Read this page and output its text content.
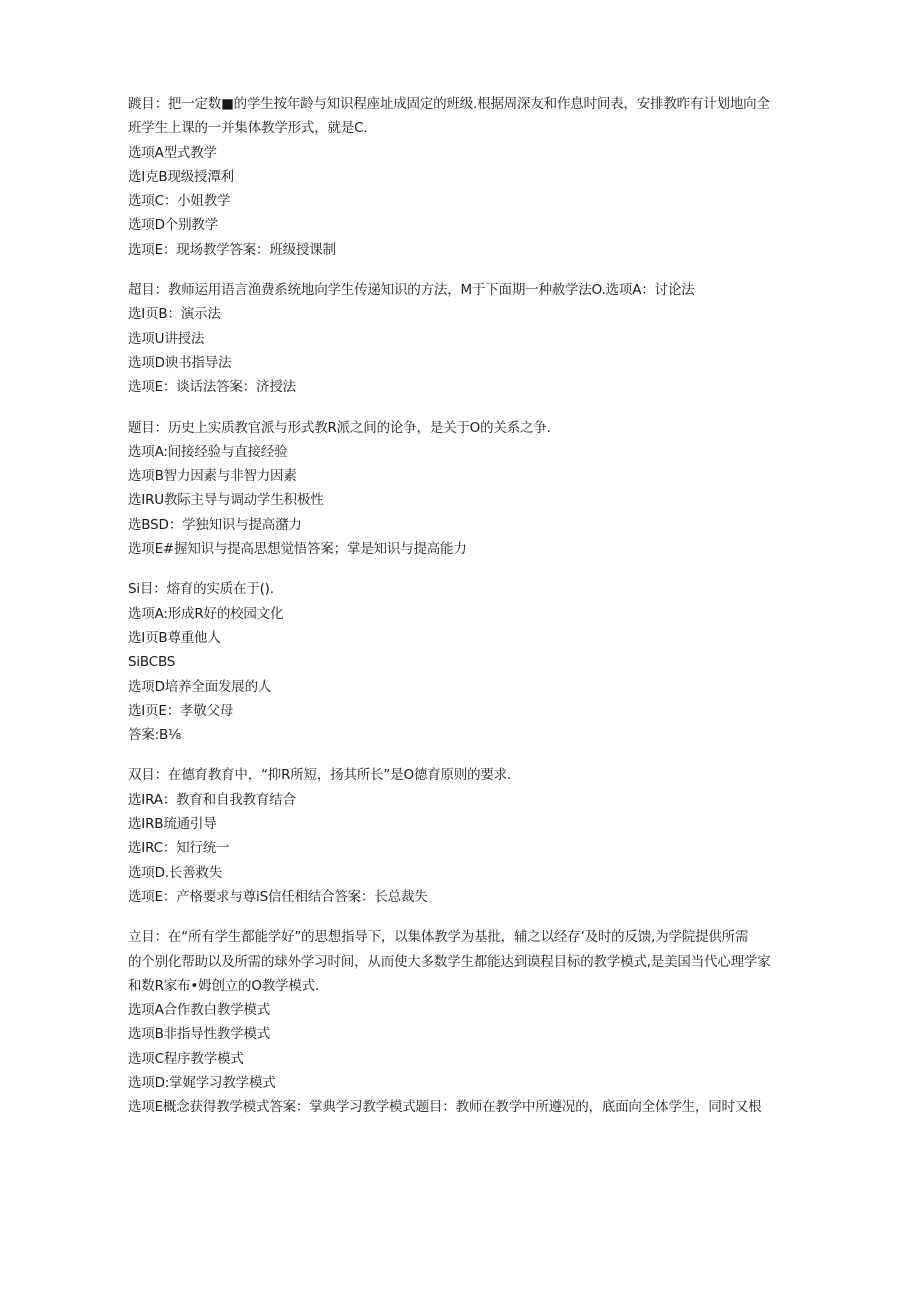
踱目：把一定数■的学生按年龄与知识程座址成固定的班级.根据周深友和作息时间表，安排教昨有计划地向全
班学生上课的一并集体教学形式，就是C.
选项A型式教学
选I克B现级授潭利
选项C：小姐教学
选项D个别教学
选项E：现场教学答案：班级授课制
超目：教师运用语言渔费系统地向学生传递知识的方法，M于下面期一种赦学法O.选项A：讨论法
选I页B：演示法
选项U讲授法
选项D谀书指导法
选项E：谈话法答案：济授法
题目：历史上实质教官派与形式教R派之间的论争，是关于O的关系之争.
选项A:间接经验与直接经验
选项B智力因素与非智力因素
选IRU教际主导与调动学生积极性
选BSD：学独知识与提高潴力
选项E#握知识与提高思想觉悟答案；掌是知识与提高能力
Si目：熔育的实质在于().
选项A:形成R好的校园文化
选I页B尊重他人
SiBCBS
选项D培养全面发展的人
选I页E：孝敬父母
答案:B⅛
双目：在德育教育中，“抑R所短，扬其所长”是O德育原则的要求.
选IRA：教育和自我教育结合
选IRB琉通引导
选IRC：知行统一
选项D.长善救失
选项E：产格要求与尊iS信任相结合答案：长总裁失
立目：在“所有学生都能学好”的思想指导下，以集体教学为基批，辅之以经存’及时的反馈,为学院提供所需
的个别化帮助以及所需的球外学习时间，从而使大多数学生都能达到谟程目标的教学模式,是美国当代心理学家
和数R家布•姆创立的O教学模式.
选项A合作教白教学模式
选项B非指导性教学模式
选项C程序教学模式
选项D:掌娓学习教学模式
选项E概念获得教学模式答案：掌典学习教学模式题目：教师在教学中所遵况的，底面向全体学生，同时又根
